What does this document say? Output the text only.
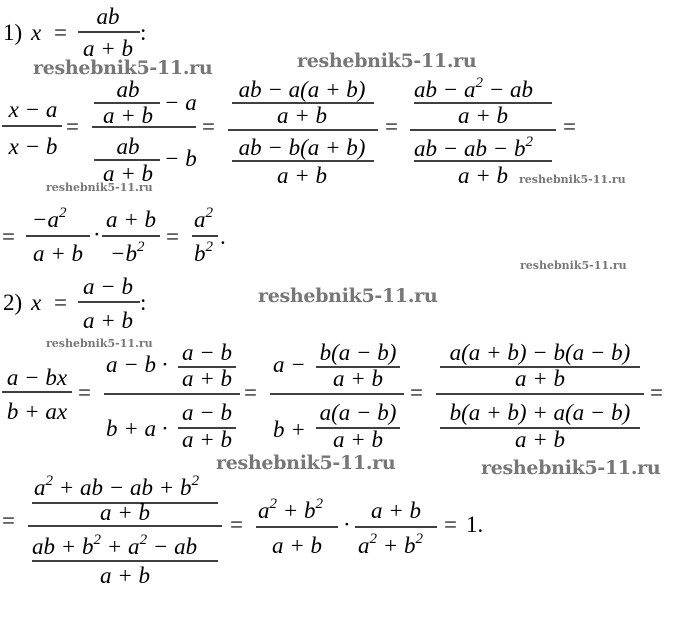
1) x =
ab
a + b
:
x − a
x − b
=
ab
a + b
− a
ab
a + b
− b
=
ab − a(a + b)
a + b
ab − b(a + b)
a + b
=
ab − $a^2$ − ab
a + b
ab − ab − $b^2$
a + b
=
=
$-a^2$
a + b
·
a + b
$-b^2$ =
$a^2$
$b^2$ .
2) x =
a − b
a + b
:
a − bx
b + ax
=
a − b · a − b
a + b
b + a ·
a − b
a + b
=
a − b(a − b)
a + b
b +
a(a − b)
a + b
=
a(a + b) − b(a − b)
a + b
b(a + b) + a(a − b)
a + b
=
=
$a^2$ + ab − ab + $b^2$
a + b
ab + $b^2 + a^2$ − ab
a + b
=
$a^2 + b^2$
a + b
·
a + b
$a^2 + b^2$
= 1.
reshebnik5-11.ru	reshebnik5-11.ru
reshebnik5-11.ru
reshebnik5-11.ru
reshebnik5-11.ru
reshebnik5-11.ru
reshebnik5-11.ru
reshebnik5-11.ru	reshebnik5-11.ru
